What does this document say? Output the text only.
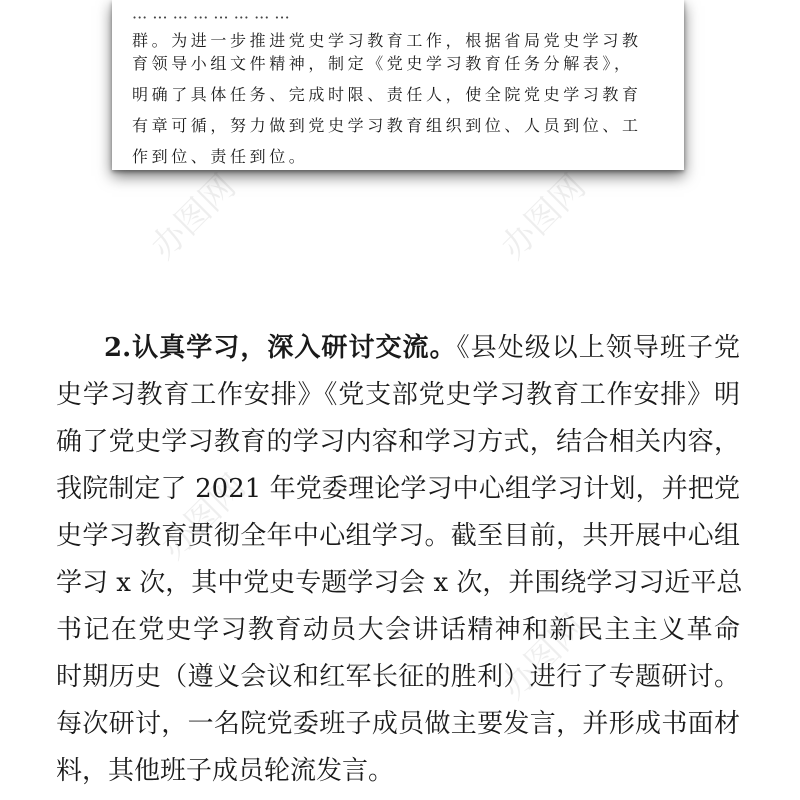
办图网	办图网
办图网
办图网
··· ··· ··· ··· ··· ··· ··· ···
群。为进一步推进党史学习教育工作，根据省局党史学习教
育领导小组文件精神，制定《党史学习教育任务分解表》，
明确了具体任务、完成时限、责任人，使全院党史学习教育
有章可循，努力做到党史学习教育组织到位、人员到位、工
作到位、责任到位。

2.认真学习，深入研讨交流。《县处级以上领导班子党

史学习教育工作安排》《党支部党史学习教育工作安排》明

确了党史学习教育的学习内容和学习方式，结合相关内容，

我院制定了 2021 年党委理论学习中心组学习计划，并把党

史学习教育贯彻全年中心组学习。截至目前，共开展中心组

学习 x 次，其中党史专题学习会 x 次，并围绕学习习近平总

书记在党史学习教育动员大会讲话精神和新民主主义革命

时期历史（遵义会议和红军长征的胜利）进行了专题研讨。

每次研讨，一名院党委班子成员做主要发言，并形成书面材

料，其他班子成员轮流发言。
